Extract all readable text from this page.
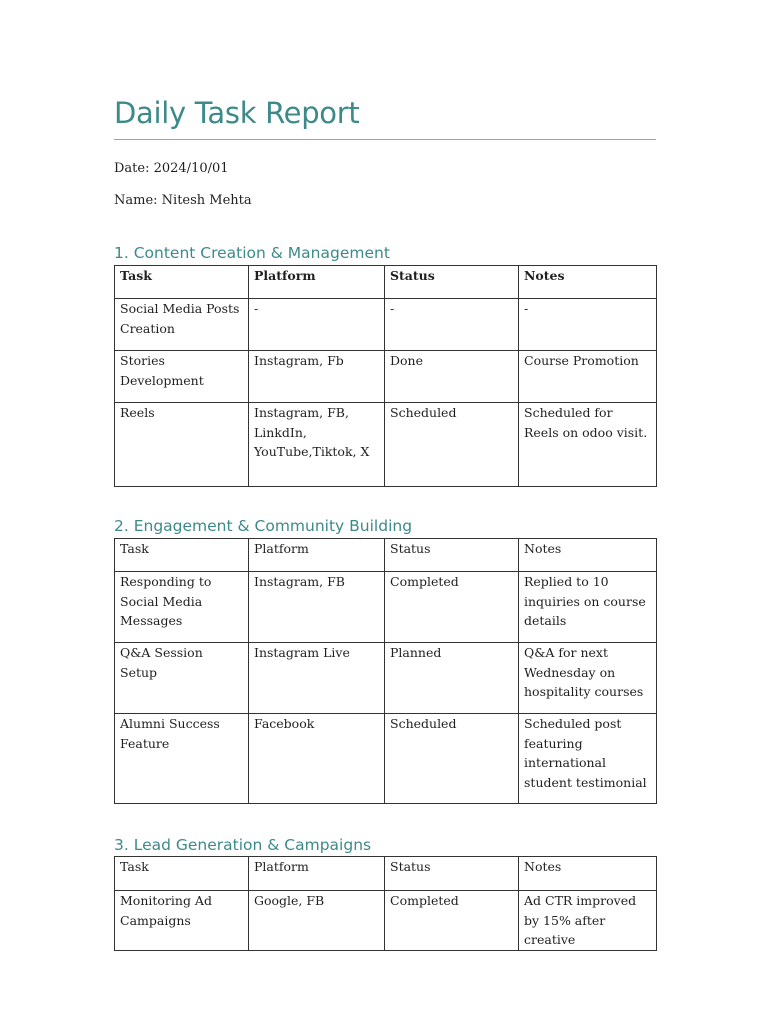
Daily Task Report

Date: 2024/10/01

Name: Nitesh Mehta

1. Content Creation & Management
Task	Platform	Status	Notes
Social Media Posts Creation	-	-	-
Stories Development	Instagram, Fb	Done	Course Promotion
Reels	Instagram, FB, LinkdIn, YouTube,Tiktok, X	Scheduled	Scheduled for Reels on odoo visit.
2. Engagement & Community Building
Task	Platform	Status	Notes
Responding to Social Media Messages	Instagram, FB	Completed	Replied to 10 inquiries on course details
Q&A Session Setup	Instagram Live	Planned	Q&A for next Wednesday on hospitality courses
Alumni Success Feature	Facebook	Scheduled	Scheduled post featuring international student testimonial
3. Lead Generation & Campaigns
Task	Platform	Status	Notes
Monitoring Ad Campaigns	Google, FB	Completed	Ad CTR improved by 15% after creative
